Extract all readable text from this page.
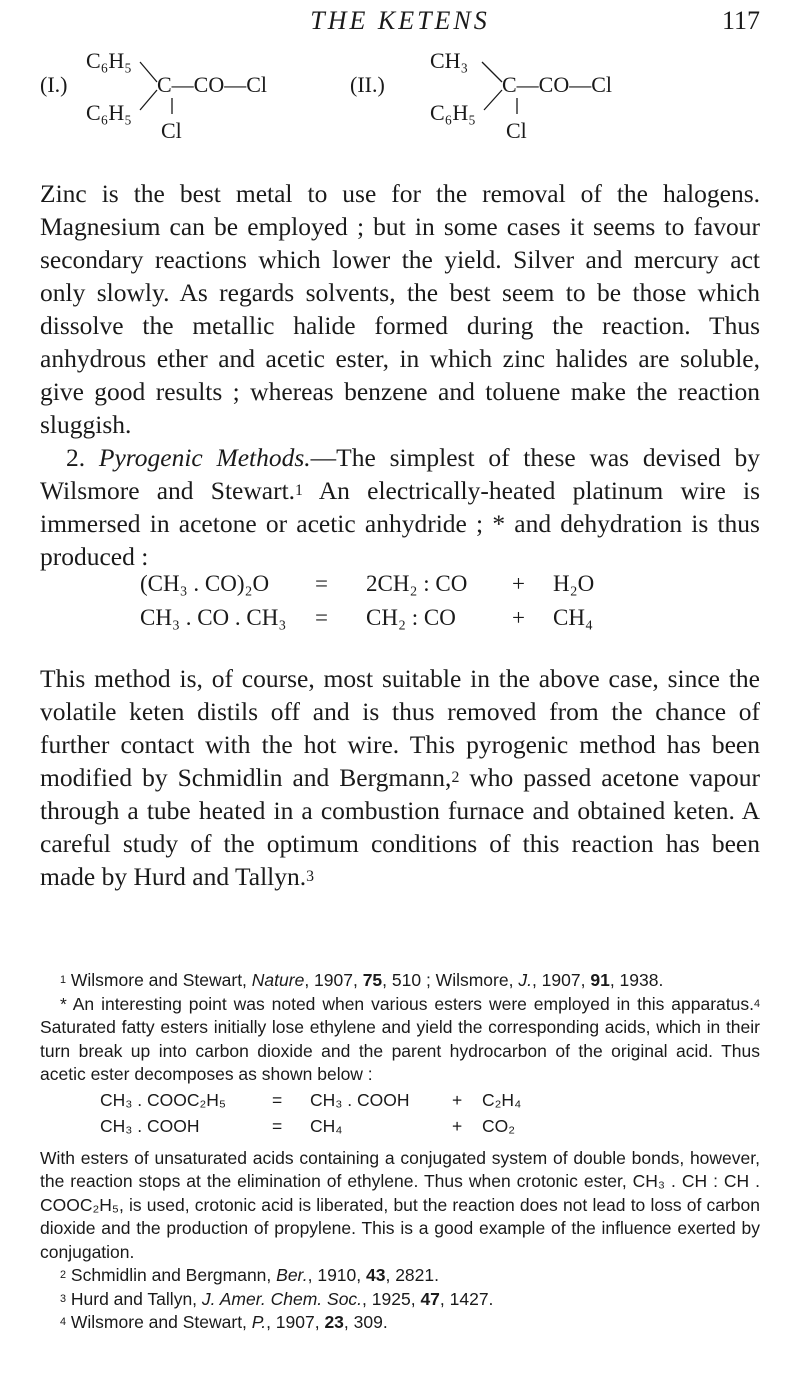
THE KETENS	117
(I.)
C₆H₅
C₆H₅
C—CO—Cl
Cl
(II.)
CH₃
C₆H₅
C—CO—Cl
Cl

Zinc is the best metal to use for the removal of the halogens. Magnesium can be employed ; but in some cases it seems to favour secondary reactions which lower the yield. Silver and mercury act only slowly. As regards solvents, the best seem to be those which dissolve the metallic halide formed during the reaction. Thus anhydrous ether and acetic ester, in which zinc halides are soluble, give good results ; whereas benzene and toluene make the reaction sluggish.

2. Pyrogenic Methods.—The simplest of these was devised by Wilsmore and Stewart.$^1$ An electrically-heated platinum wire is immersed in acetone or acetic anhydride ; * and dehydration is thus produced :

(CH₃ . CO)₂O = 2CH₂ : CO + H₂O
CH₃ . CO . CH₃ = CH₂ : CO + CH₄

This method is, of course, most suitable in the above case, since the volatile keten distils off and is thus removed from the chance of further contact with the hot wire. This pyrogenic method has been modified by Schmidlin and Bergmann,$^2$ who passed acetone vapour through a tube heated in a combustion furnace and obtained keten. A careful study of the optimum conditions of this reaction has been made by Hurd and Tallyn.$^3$

$^1$ Wilsmore and Stewart, Nature, 1907, 75, 510 ; Wilsmore, J., 1907, 91, 1938.

* An interesting point was noted when various esters were employed in this apparatus.$^4$ Saturated fatty esters initially lose ethylene and yield the corresponding acids, which in their turn break up into carbon dioxide and the parent hydrocarbon of the original acid. Thus acetic ester decomposes as shown below :

CH₃ . COOC₂H₅	= CH₃ . COOH + C₂H₄
CH₃ . COOH	= CH₄	+ CO₂

With esters of unsaturated acids containing a conjugated system of double bonds, however, the reaction stops at the elimination of ethylene. Thus when crotonic ester, CH₃ . CH : CH . COOC₂H₅, is used, crotonic acid is liberated, but the reaction does not lead to loss of carbon dioxide and the production of propylene. This is a good example of the influence exerted by conjugation.

$^2$ Schmidlin and Bergmann, Ber., 1910, 43, 2821.

$^3$ Hurd and Tallyn, J. Amer. Chem. Soc., 1925, 47, 1427.

$^4$ Wilsmore and Stewart, P., 1907, 23, 309.
